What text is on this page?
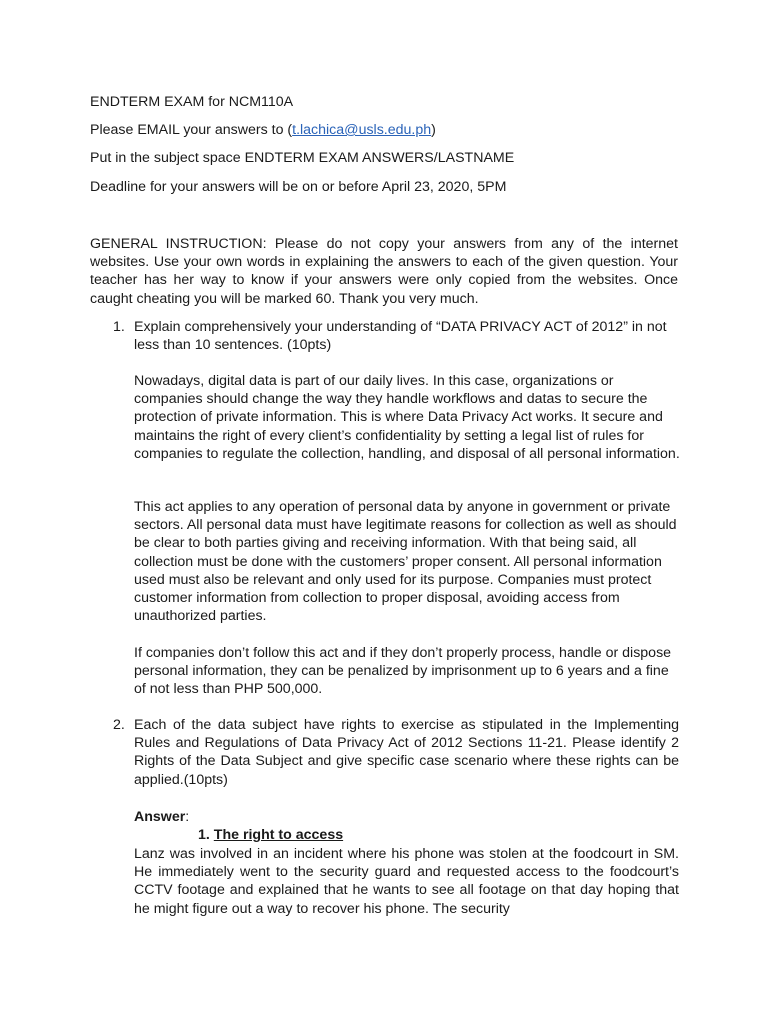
ENDTERM EXAM for NCM110A
Please EMAIL your answers to (t.lachica@usls.edu.ph)
Put in the subject space ENDTERM EXAM ANSWERS/LASTNAME
Deadline for your answers will be on or before April 23, 2020, 5PM

GENERAL INSTRUCTION: Please do not copy your answers from any of the internet websites. Use your own words in explaining the answers to each of the given question. Your teacher has her way to know if your answers were only copied from the websites. Once caught cheating you will be marked 60. Thank you very much.

1. Explain comprehensively your understanding of “DATA PRIVACY ACT of 2012” in not less than 10 sentences. (10pts)

Nowadays, digital data is part of our daily lives. In this case, organizations or companies should change the way they handle workflows and datas to secure the protection of private information. This is where Data Privacy Act works. It secure and maintains the right of every client’s confidentiality by setting a legal list of rules for companies to regulate the collection, handling, and disposal of all personal information.

This act applies to any operation of personal data by anyone in government or private sectors. All personal data must have legitimate reasons for collection as well as should be clear to both parties giving and receiving information. With that being said, all collection must be done with the customers’ proper consent. All personal information used must also be relevant and only used for its purpose. Companies must protect customer information from collection to proper disposal, avoiding access from unauthorized parties.

If companies don’t follow this act and if they don’t properly process, handle or dispose personal information, they can be penalized by imprisonment up to 6 years and a fine of not less than PHP 500,000.

2. Each of the data subject have rights to exercise as stipulated in the Implementing Rules and Regulations of Data Privacy Act of 2012 Sections 11-21. Please identify 2 Rights of the Data Subject and give specific case scenario where these rights can be applied.(10pts)

Answer:
1. The right to access

Lanz was involved in an incident where his phone was stolen at the foodcourt in SM. He immediately went to the security guard and requested access to the foodcourt’s CCTV footage and explained that he wants to see all footage on that day hoping that he might figure out a way to recover his phone. The security
